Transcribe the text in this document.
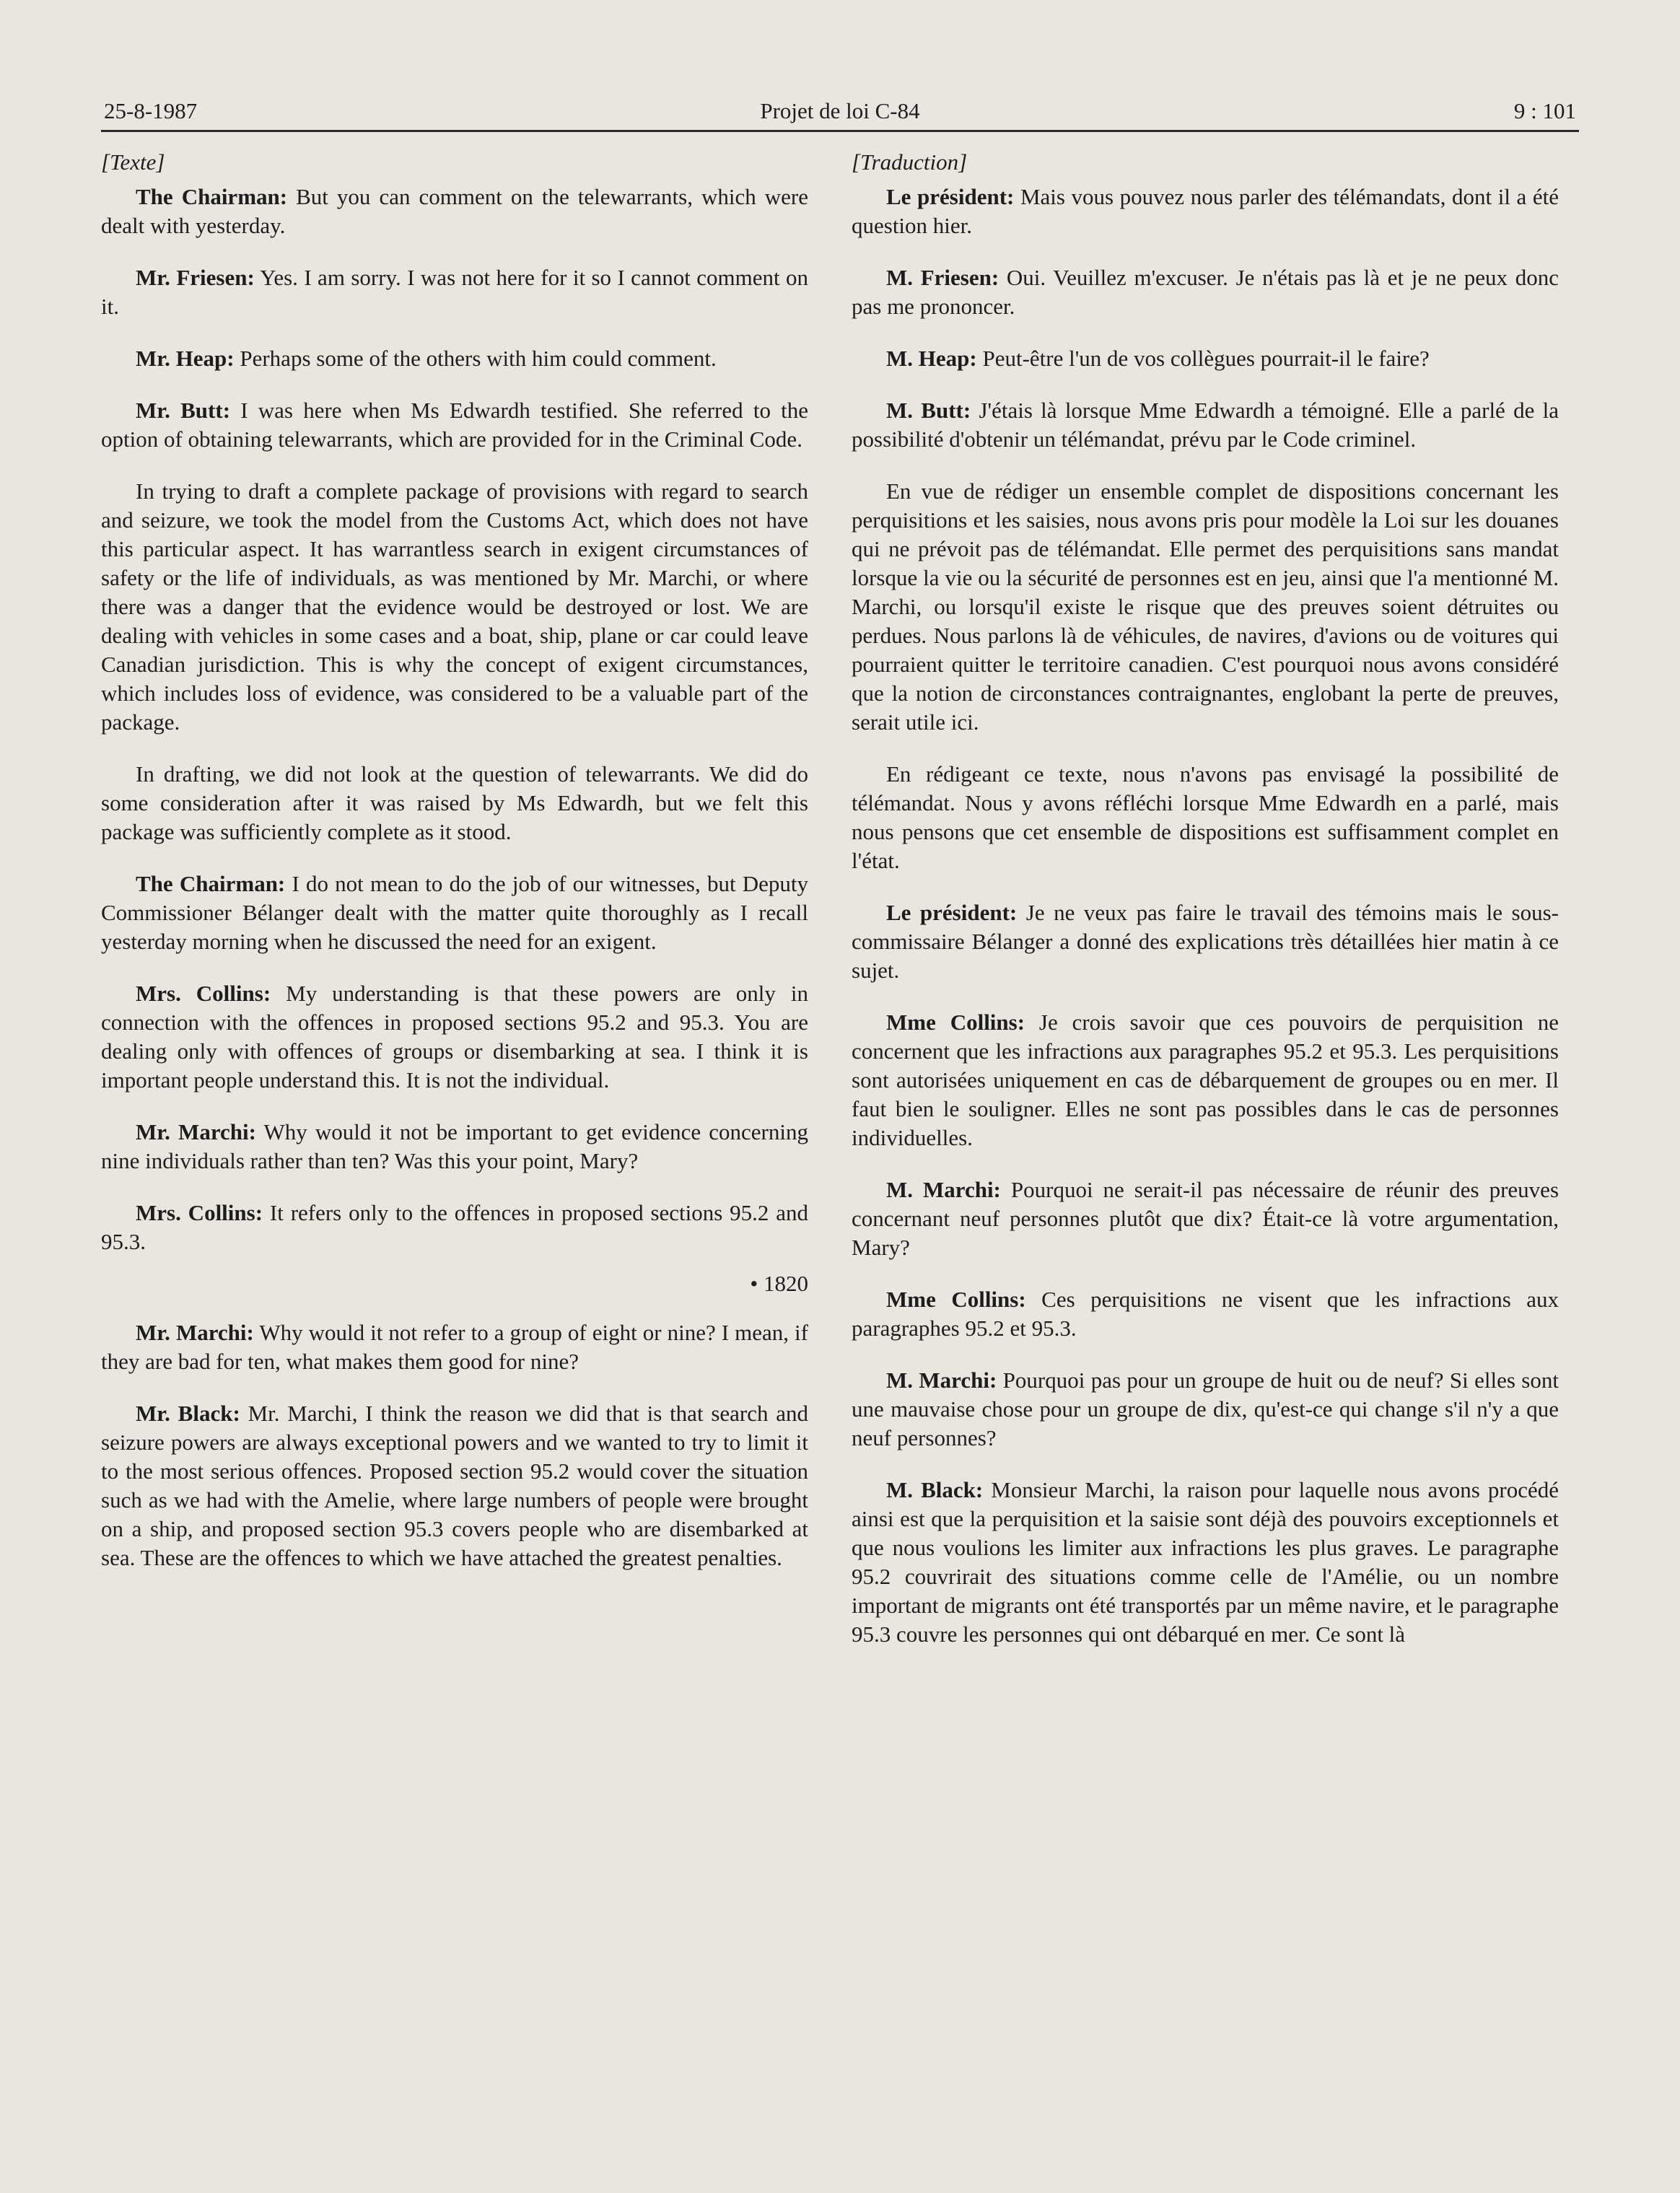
25-8-1987	Projet de loi C-84	9 : 101

[Texte]

The Chairman: But you can comment on the telewarrants, which were dealt with yesterday.

Mr. Friesen: Yes. I am sorry. I was not here for it so I cannot comment on it.

Mr. Heap: Perhaps some of the others with him could comment.

Mr. Butt: I was here when Ms Edwardh testified. She referred to the option of obtaining telewarrants, which are provided for in the Criminal Code.

In trying to draft a complete package of provisions with regard to search and seizure, we took the model from the Customs Act, which does not have this particular aspect. It has warrantless search in exigent circumstances of safety or the life of individuals, as was mentioned by Mr. Marchi, or where there was a danger that the evidence would be destroyed or lost. We are dealing with vehicles in some cases and a boat, ship, plane or car could leave Canadian jurisdiction. This is why the concept of exigent circumstances, which includes loss of evidence, was considered to be a valuable part of the package.

In drafting, we did not look at the question of telewarrants. We did do some consideration after it was raised by Ms Edwardh, but we felt this package was sufficiently complete as it stood.

The Chairman: I do not mean to do the job of our witnesses, but Deputy Commissioner Bélanger dealt with the matter quite thoroughly as I recall yesterday morning when he discussed the need for an exigent.

Mrs. Collins: My understanding is that these powers are only in connection with the offences in proposed sections 95.2 and 95.3. You are dealing only with offences of groups or disembarking at sea. I think it is important people understand this. It is not the individual.

Mr. Marchi: Why would it not be important to get evidence concerning nine individuals rather than ten? Was this your point, Mary?

Mrs. Collins: It refers only to the offences in proposed sections 95.2 and 95.3.

• 1820

Mr. Marchi: Why would it not refer to a group of eight or nine? I mean, if they are bad for ten, what makes them good for nine?

Mr. Black: Mr. Marchi, I think the reason we did that is that search and seizure powers are always exceptional powers and we wanted to try to limit it to the most serious offences. Proposed section 95.2 would cover the situation such as we had with the Amelie, where large numbers of people were brought on a ship, and proposed section 95.3 covers people who are disembarked at sea. These are the offences to which we have attached the greatest penalties.

[Traduction]

Le président: Mais vous pouvez nous parler des télémandats, dont il a été question hier.

M. Friesen: Oui. Veuillez m'excuser. Je n'étais pas là et je ne peux donc pas me prononcer.

M. Heap: Peut-être l'un de vos collègues pourrait-il le faire?

M. Butt: J'étais là lorsque Mme Edwardh a témoigné. Elle a parlé de la possibilité d'obtenir un télémandat, prévu par le Code criminel.

En vue de rédiger un ensemble complet de dispositions concernant les perquisitions et les saisies, nous avons pris pour modèle la Loi sur les douanes qui ne prévoit pas de télémandat. Elle permet des perquisitions sans mandat lorsque la vie ou la sécurité de personnes est en jeu, ainsi que l'a mentionné M. Marchi, ou lorsqu'il existe le risque que des preuves soient détruites ou perdues. Nous parlons là de véhicules, de navires, d'avions ou de voitures qui pourraient quitter le territoire canadien. C'est pourquoi nous avons considéré que la notion de circonstances contraignantes, englobant la perte de preuves, serait utile ici.

En rédigeant ce texte, nous n'avons pas envisagé la possibilité de télémandat. Nous y avons réfléchi lorsque Mme Edwardh en a parlé, mais nous pensons que cet ensemble de dispositions est suffisamment complet en l'état.

Le président: Je ne veux pas faire le travail des témoins mais le sous-commissaire Bélanger a donné des explications très détaillées hier matin à ce sujet.

Mme Collins: Je crois savoir que ces pouvoirs de perquisition ne concernent que les infractions aux paragraphes 95.2 et 95.3. Les perquisitions sont autorisées uniquement en cas de débarquement de groupes ou en mer. Il faut bien le souligner. Elles ne sont pas possibles dans le cas de personnes individuelles.

M. Marchi: Pourquoi ne serait-il pas nécessaire de réunir des preuves concernant neuf personnes plutôt que dix? Était-ce là votre argumentation, Mary?

Mme Collins: Ces perquisitions ne visent que les infractions aux paragraphes 95.2 et 95.3.

M. Marchi: Pourquoi pas pour un groupe de huit ou de neuf? Si elles sont une mauvaise chose pour un groupe de dix, qu'est-ce qui change s'il n'y a que neuf personnes?

M. Black: Monsieur Marchi, la raison pour laquelle nous avons procédé ainsi est que la perquisition et la saisie sont déjà des pouvoirs exceptionnels et que nous voulions les limiter aux infractions les plus graves. Le paragraphe 95.2 couvrirait des situations comme celle de l'Amélie, ou un nombre important de migrants ont été transportés par un même navire, et le paragraphe 95.3 couvre les personnes qui ont débarqué en mer. Ce sont là
